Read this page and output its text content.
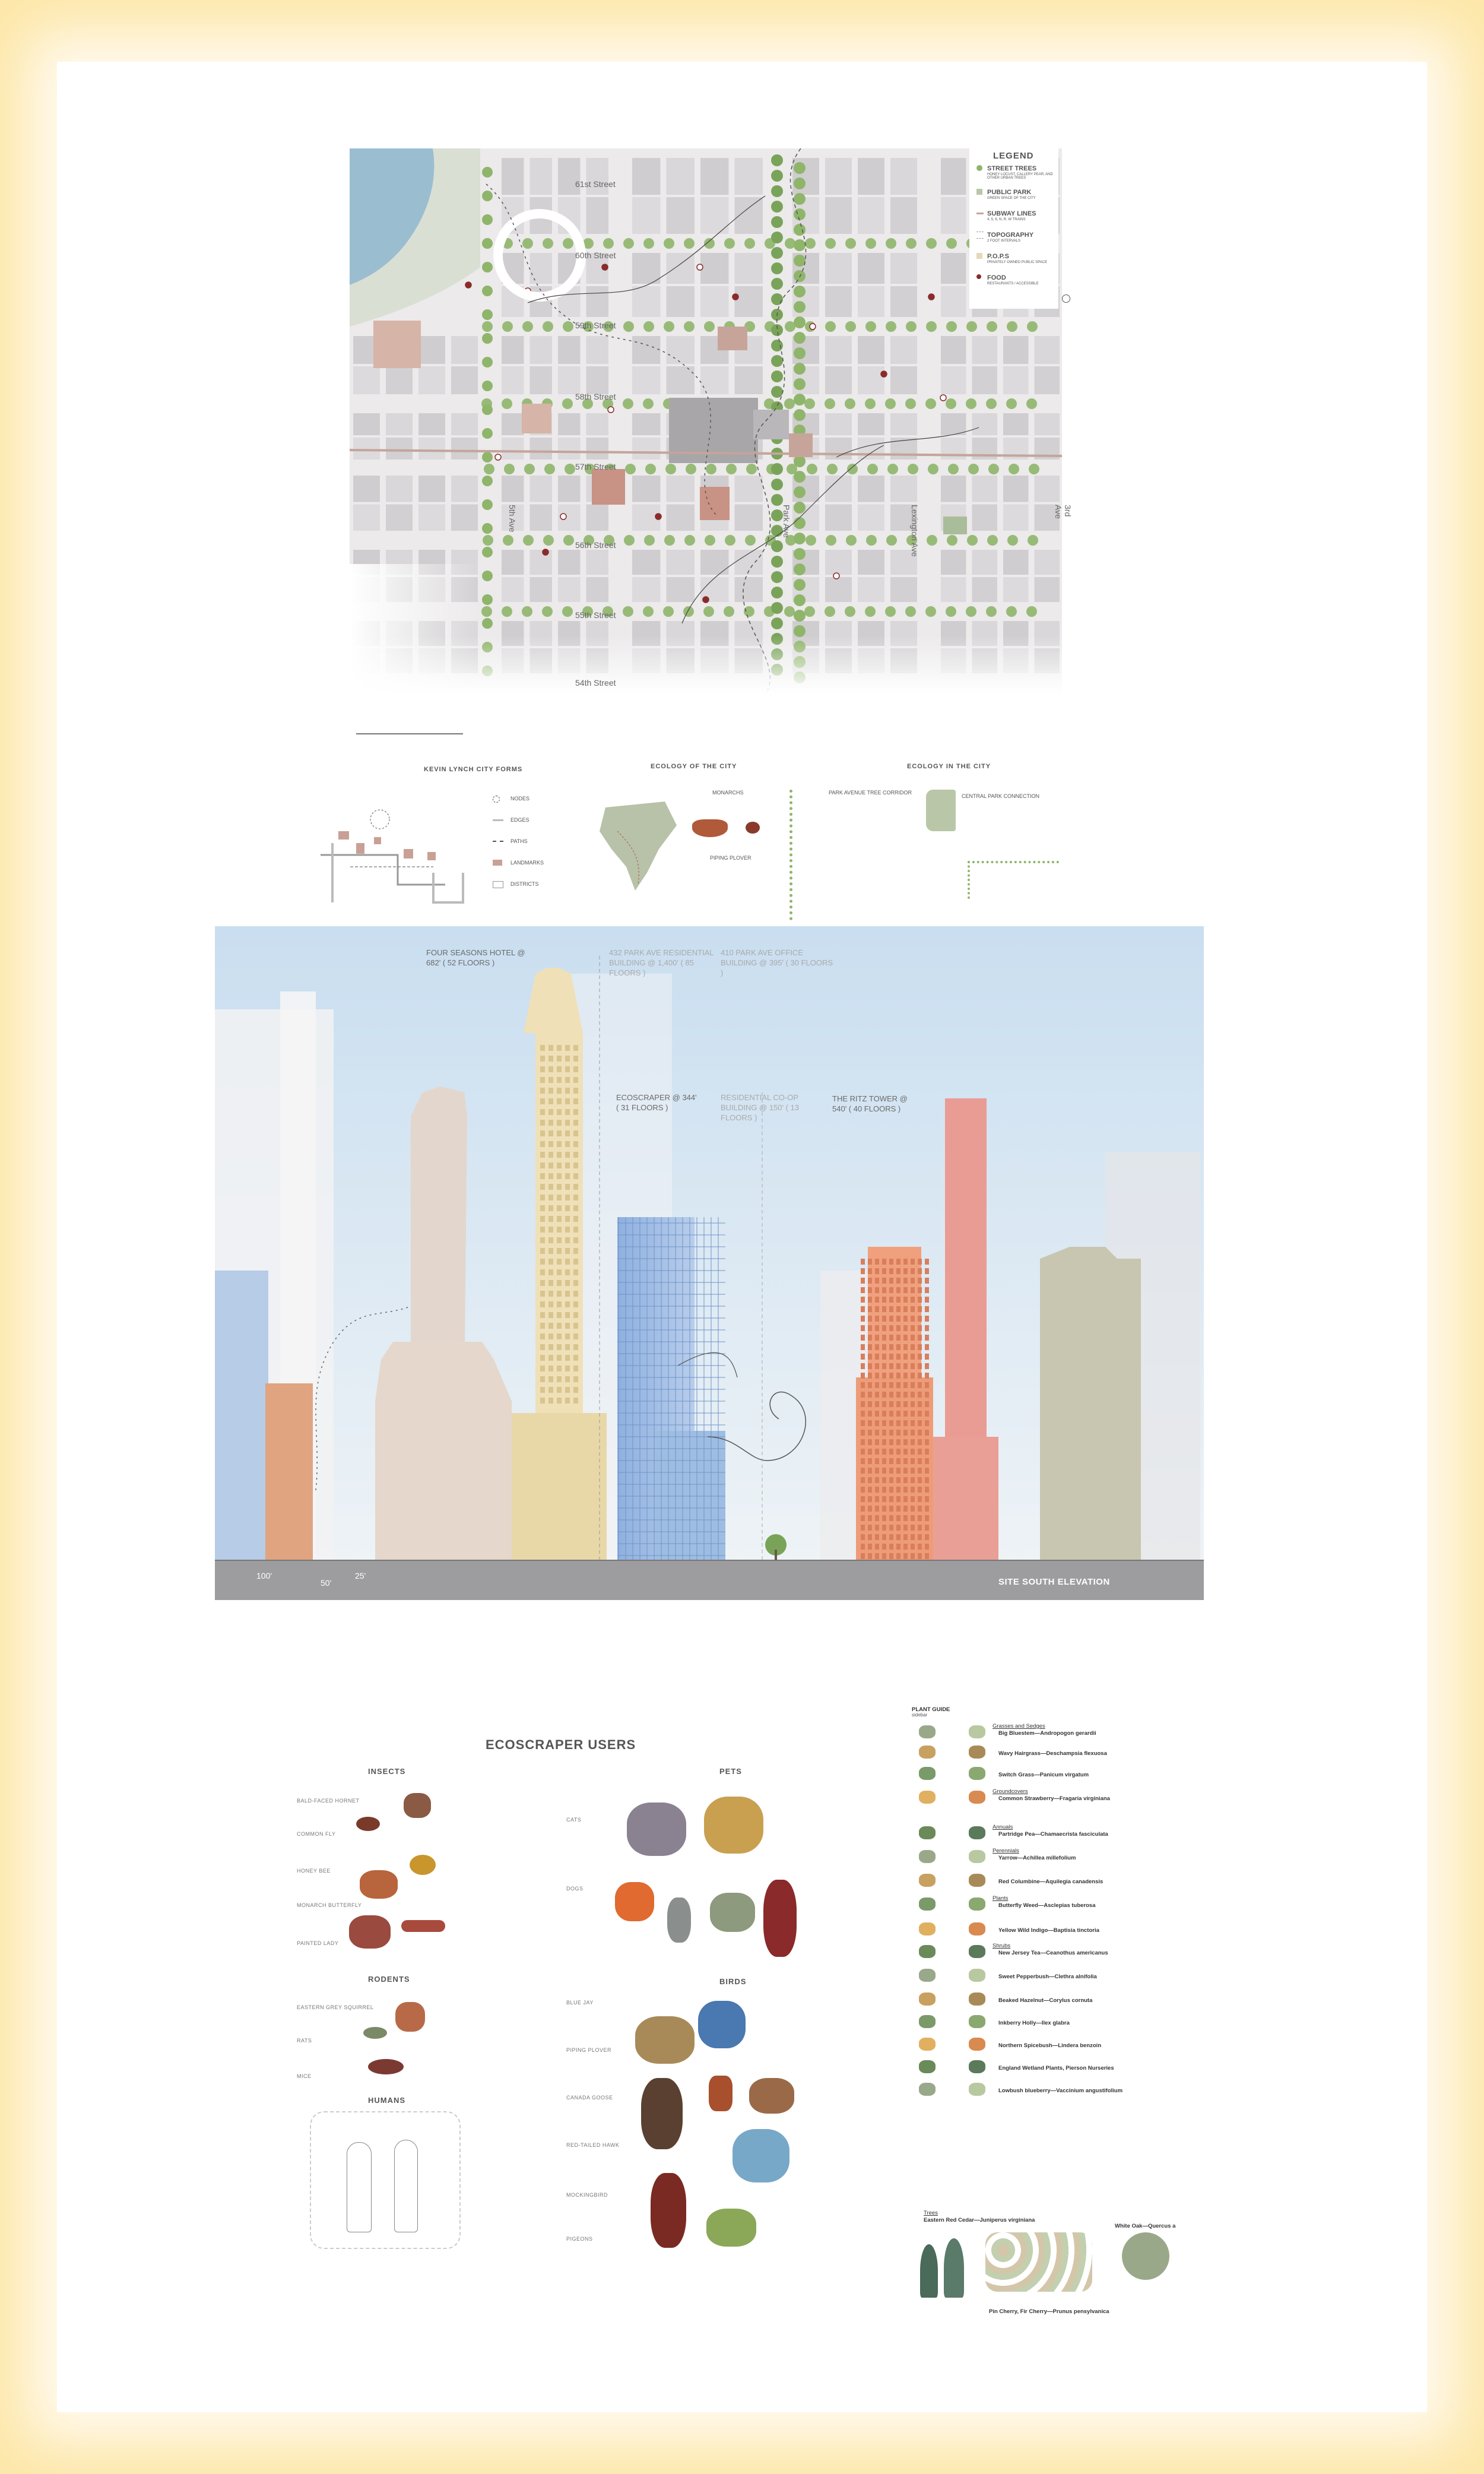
61st Street
60th Street
59th Street
58th Street
57th Street
56th Street
55th Street
54th Street
5th Ave	Park Ave	Lexington Ave	3rd Ave
LEGEND
STREET TREES
HONEY LOCUST, CALLERY PEAR, AND OTHER URBAN TREES
PUBLIC PARK
GREEN SPACE OF THE CITY
SUBWAY LINES
4, 5, 6, N, R, W TRAINS
TOPOGRAPHY
2 FOOT INTERVALS
P.O.P.S
PRIVATELY OWNED PUBLIC SPACE
FOOD
RESTAURANTS / ACCESSIBLE
KEVIN LYNCH CITY FORMS
NODES
EDGES
PATHS
LANDMARKS
DISTRICTS
ECOLOGY OF THE CITY
MONARCHS
PIPING PLOVER
ECOLOGY IN THE CITY
PARK AVENUE TREE CORRIDOR
CENTRAL PARK CONNECTION
FOUR SEASONS HOTEL @ 682' ( 52 FLOORS )
432 PARK AVE RESIDENTIAL BUILDING @ 1,400' ( 85 FLOORS )
410 PARK AVE OFFICE BUILDING @ 395' ( 30 FLOORS )
ECOSCRAPER @ 344' ( 31 FLOORS )
RESIDENTIAL CO-OP BUILDING @ 150' ( 13 FLOORS )
THE RITZ TOWER @ 540' ( 40 FLOORS )
SITE SOUTH ELEVATION
100'
50'
25'
ECOSCRAPER USERS
INSECTS
BALD-FACED HORNET
COMMON FLY
HONEY BEE
MONARCH BUTTERFLY
PAINTED LADY
RODENTS
EASTERN GREY SQUIRREL
RATS
MICE
HUMANS
PETS
CATS
DOGS
BIRDS
BLUE JAY
PIPING PLOVER
CANADA GOOSE
RED-TAILED HAWK
MOCKINGBIRD
PIGEONS
PLANT GUIDE
sidebar
Grasses and Sedges
Big Bluestem—Andropogon gerardii
Wavy Hairgrass—Deschampsia flexuosa
Switch Grass—Panicum virgatum
Groundcovers
Common Strawberry—Fragaria virginiana
Annuals
Partridge Pea—Chamaecrista fasciculata
Perennials
Yarrow—Achillea millefolium
Red Columbine—Aquilegia canadensis
Plants
Butterfly Weed—Asclepias tuberosa
Yellow Wild Indigo—Baptisia tinctoria
Shrubs
New Jersey Tea—Ceanothus americanus
Sweet Pepperbush—Clethra alnifolia
Beaked Hazelnut—Corylus cornuta
Inkberry Holly—Ilex glabra
Northern Spicebush—Lindera benzoin
England Wetland Plants, Pierson Nurseries
Lowbush blueberry—Vaccinium angustifolium
Trees
Eastern Red Cedar—Juniperus virginiana
White Oak—Quercus a
Pin Cherry, Fir Cherry—Prunus pensylvanica
